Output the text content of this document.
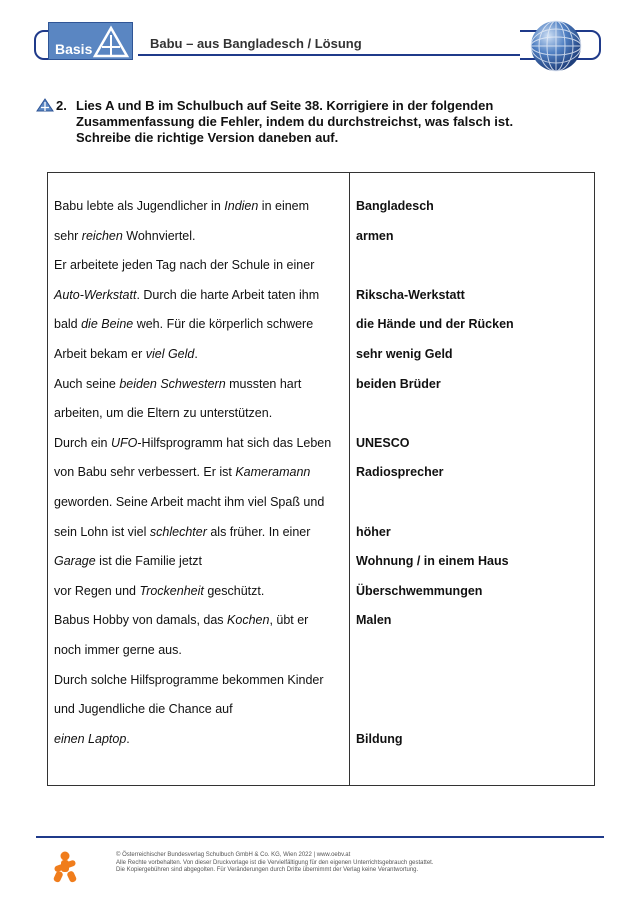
Basis	Babu – aus Bangladesch / Lösung
2. Lies A und B im Schulbuch auf Seite 38. Korrigiere in der folgenden Zusammenfassung die Fehler, indem du durchstreichst, was falsch ist. Schreibe die richtige Version daneben auf.
Babu lebte als Jugendlicher in Indien in einem
sehr reichen Wohnviertel.
Er arbeitete jeden Tag nach der Schule in einer
Auto-Werkstatt. Durch die harte Arbeit taten ihm
bald die Beine weh. Für die körperlich schwere
Arbeit bekam er viel Geld.
Auch seine beiden Schwestern mussten hart
arbeiten, um die Eltern zu unterstützen.
Durch ein UFO-Hilfsprogramm hat sich das Leben
von Babu sehr verbessert. Er ist Kameramann
geworden. Seine Arbeit macht ihm viel Spaß und
sein Lohn ist viel schlechter als früher. In einer
Garage ist die Familie jetzt
vor Regen und Trockenheit geschützt.
Babus Hobby von damals, das Kochen, übt er
noch immer gerne aus.
Durch solche Hilfsprogramme bekommen Kinder
und Jugendliche die Chance auf
einen Laptop.
Bangladesch
armen
Rikscha-Werkstatt
die Hände und der Rücken
sehr wenig Geld
beiden Brüder
UNESCO
Radiosprecher
höher
Wohnung / in einem Haus
Überschwemmungen
Malen
Bildung
© Österreichischer Bundesverlag Schulbuch GmbH & Co. KG, Wien 2022 | www.oebv.at
Alle Rechte vorbehalten. Von dieser Druckvorlage ist die Vervielfältigung für den eigenen Unterrichtsgebrauch gestattet.
Die Kopiergebühren sind abgegolten. Für Veränderungen durch Dritte übernimmt der Verlag keine Verantwortung.
